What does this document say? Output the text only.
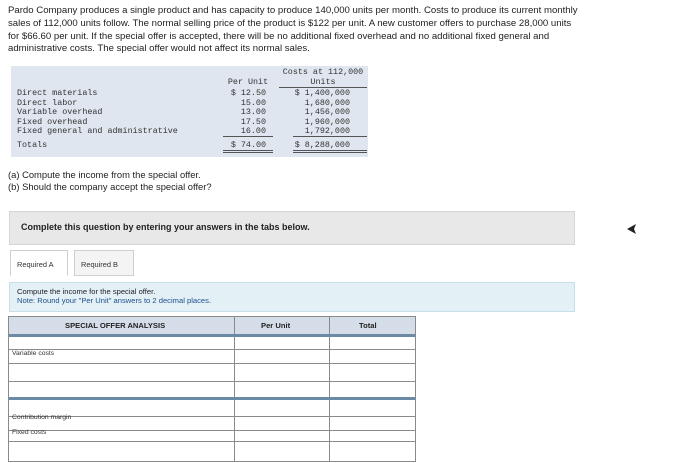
Pardo Company produces a single product and has capacity to produce 140,000 units per month. Costs to produce its current monthly
sales of 112,000 units follow. The normal selling price of the product is $122 per unit. A new customer offers to purchase 28,000 units
for $66.60 per unit. If the special offer is accepted, there will be no additional fixed overhead and no additional fixed general and
administrative costs. The special offer would not affect its normal sales.
Per Unit
Costs at 112,000
Units
Direct materials	$ 12.50	$ 1,400,000
Direct labor	15.00	1,680,000
Variable overhead	13.00	1,456,000
Fixed overhead	17.50	1,960,000
Fixed general and administrative	16.00	1,792,000
Totals	$ 74.00	$ 8,288,000
(a) Compute the income from the special offer.
(b) Should the company accept the special offer?
Complete this question by entering your answers in the tabs below.
Required A	Required B
Compute the income for the special offer.
Note: Round your "Per Unit" answers to 2 decimal places.
SPECIAL OFFER ANALYSIS	Per Unit	Total
Variable costs
Contribution margin
Fixed costs
